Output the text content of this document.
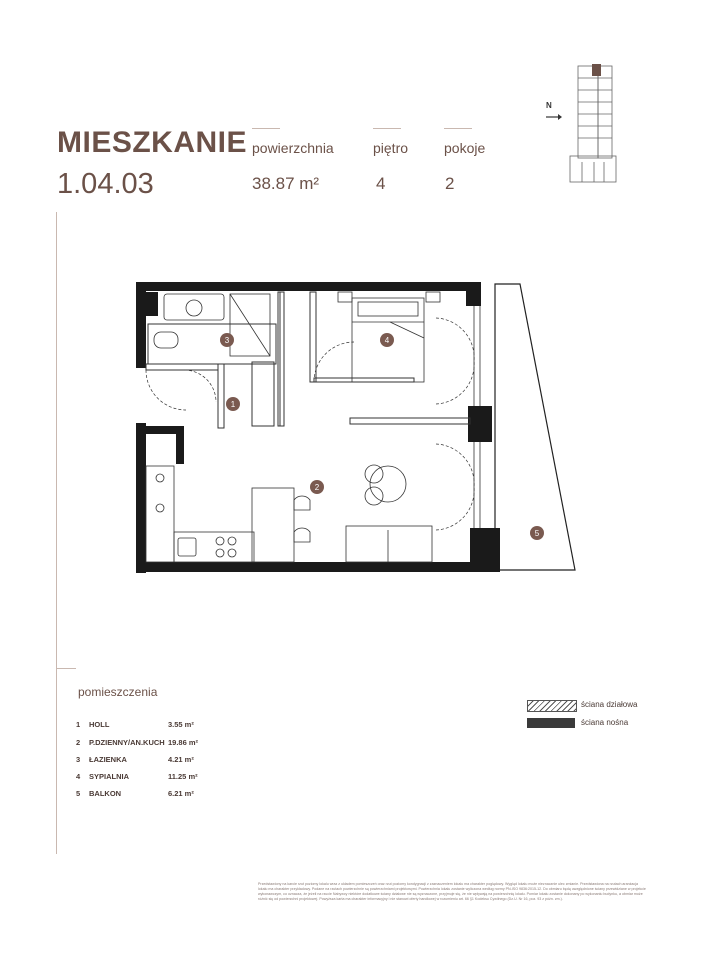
MIESZKANIE
1.04.03
powierzchnia
38.87 m²
piętro
4
pokoje
2
N
1
2
3	4
5
pomieszczenia
1 HOLL	3.55 m²
2 P.DZIENNY/AN.KUCH 19.86 m²
3 ŁAZIENKA	4.21 m²
4 SYPIALNIA	11.25 m²
5 BALKON	6.21 m²
ściana działowa
ściana nośna
Przedstawiony na karcie rzut poziomy lokalu wraz z układem pomieszczeń oraz rzut poziomy kondygnacji z zaznaczeniem lokalu ma charakter poglądowy. Wygląd lokalu może nieznacznie ulec zmianie. Przedstawiona na rzutach aranżacja lokalu ma charakter przykładowy. Podane na rzutach powierzchnie są powierzchniami projektowymi. Powierzchnia lokalu zostanie wyliczona według normy PN-ISO 9836:2015-12. Do obmiaru będą uwzględnione ściany przewidziane w projekcie wykonawczym, co oznacza, że jeżeli na rzucie Nabywcy niektóre dodatkowe ściany działowe nie są wyznaczone, przyjmuje się, że nie wpływają na powierzchnię lokalu. Pomiar lokalu zostanie dokonany po wykonaniu budynku, a obmiar może różnić się od powierzchni projektowej. Powyższa karta ma charakter informacyjny i nie stanowi oferty handlowej w rozumieniu art. 66 §1 Kodeksu Cywilnego (Dz.U. Nr 16, poz. 93 z późn. zm.).
